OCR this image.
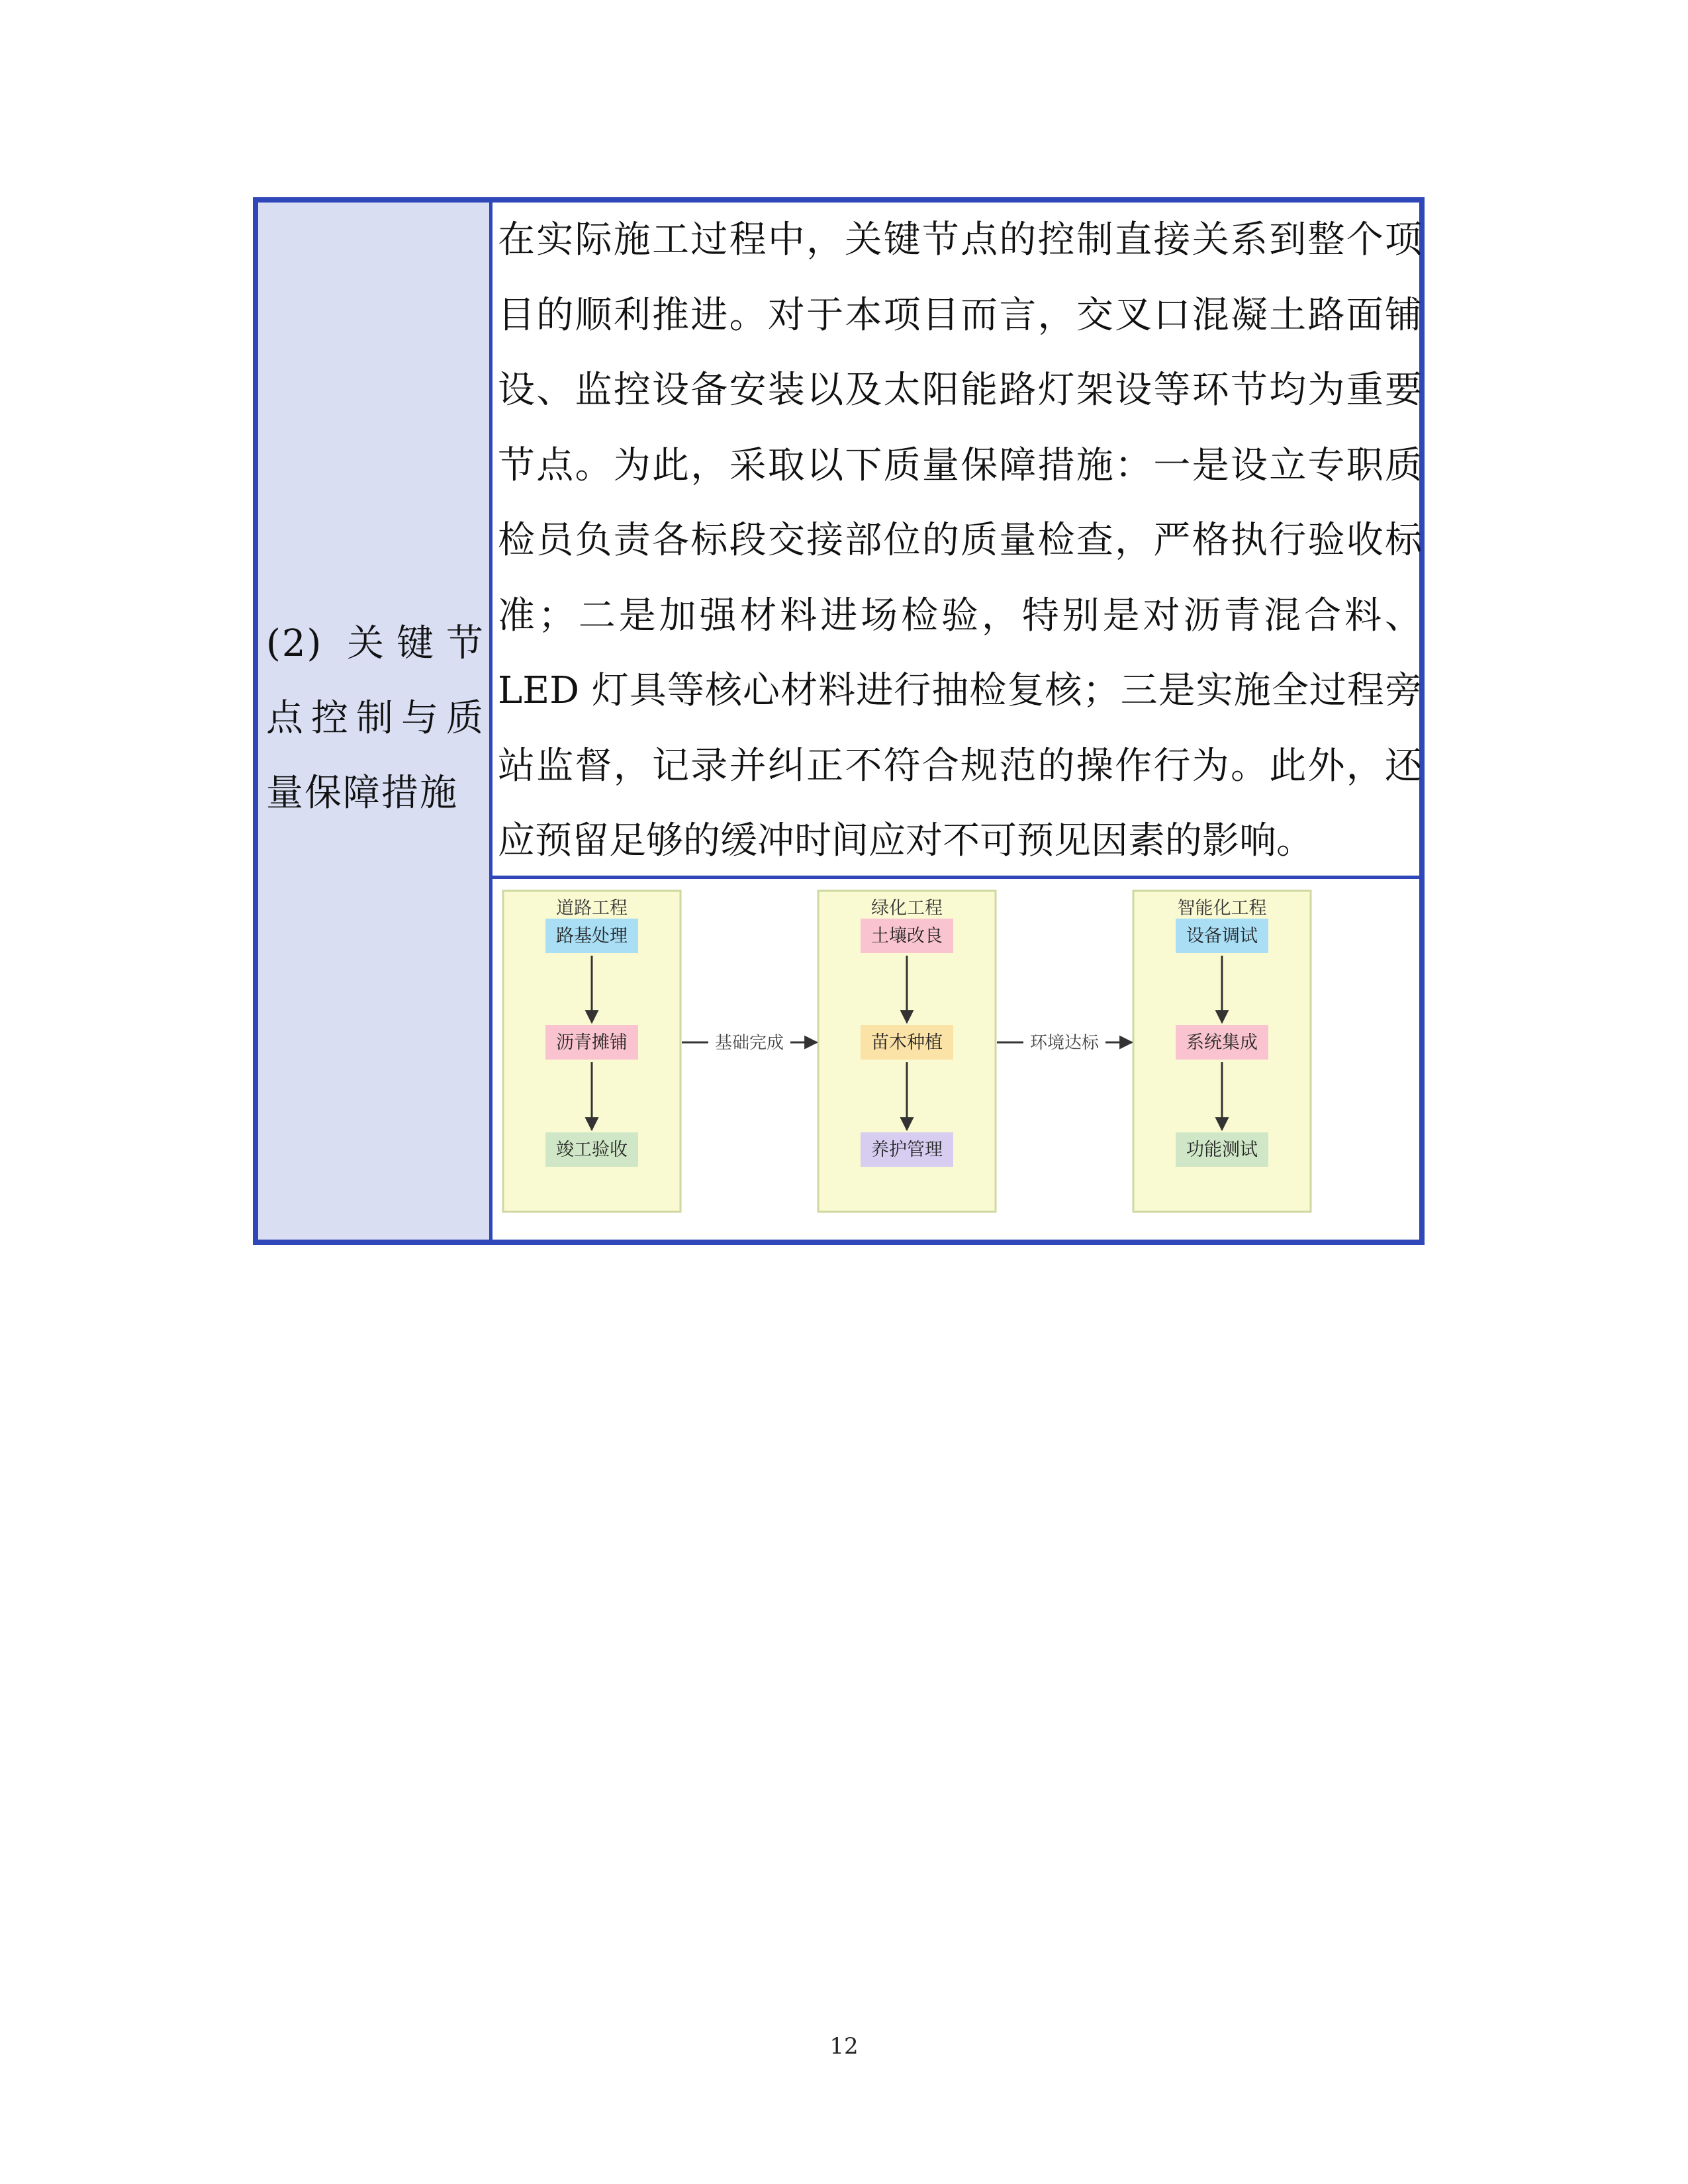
(2) 关键节点控制与质量保障措施

在实际施工过程中，关键节点的控制直接关系到整个项目的顺利推进。对于本项目而言，交叉口混凝土路面铺设、监控设备安装以及太阳能路灯架设等环节均为重要节点。为此，采取以下质量保障措施：一是设立专职质检员负责各标段交接部位的质量检查，严格执行验收标准；二是加强材料进场检验，特别是对沥青混合料、LED 灯具等核心材料进行抽检复核；三是实施全过程旁站监督，记录并纠正不符合规范的操作行为。此外，还应预留足够的缓冲时间应对不可预见因素的影响。

道路工程
路基处理
沥青摊铺
竣工验收
绿化工程
土壤改良
苗木种植
养护管理
智能化工程
设备调试
系统集成
功能测试
基础完成	环境达标
12
